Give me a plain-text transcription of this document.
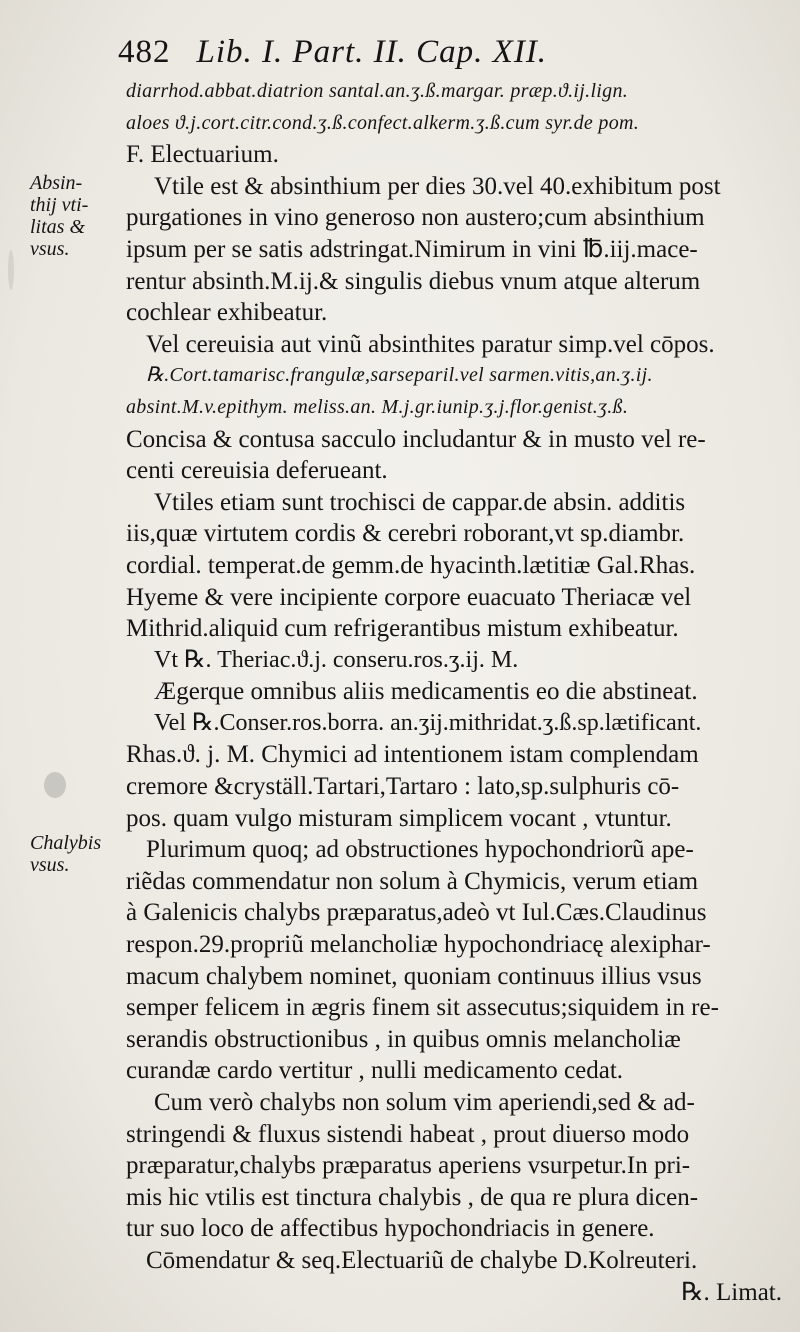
482 Lib. I. Part. II. Cap. XII.
Absin-
thij vti-
litas &
vsus.
Chalybis
vsus.
diarrhod.abbat.diatrion santal.an.ʒ.ß.margar. præp.ϑ.ij.lign.
aloes ϑ.j.cort.citr.cond.ʒ.ß.confect.alkerm.ʒ.ß.cum syr.de pom.
F. Electuarium.
Vtile est & absinthium per dies 30.vel 40.exhibitum post
purgationes in vino generoso non austero;cum absinthium
ipsum per se satis adstringat.Nimirum in vini ℔.iij.mace-
rentur absinth.M.ij.& singulis diebus vnum atque alterum
cochlear exhibeatur.
Vel cereuisia aut vinũ absinthites paratur simp.vel cōpos.
℞.Cort.tamarisc.frangulæ,sarseparil.vel sarmen.vitis,an.ʒ.ij.
absint.M.v.epithym. meliss.an. M.j.gr.iunip.ʒ.j.flor.genist.ʒ.ß.
Concisa & contusa sacculo includantur & in musto vel re-
centi cereuisia deferueant.
Vtiles etiam sunt trochisci de cappar.de absin. additis
iis,quæ virtutem cordis & cerebri roborant,vt sp.diambr.
cordial. temperat.de gemm.de hyacinth.lætitiæ Gal.Rhas.
Hyeme & vere incipiente corpore euacuato Theriacæ vel
Mithrid.aliquid cum refrigerantibus mistum exhibeatur.
Vt ℞. Theriac.ϑ.j. conseru.ros.ʒ.ij. M.
Ægerque omnibus aliis medicamentis eo die abstineat.
Vel ℞.Conser.ros.borra. an.ʒij.mithridat.ʒ.ß.sp.lætificant.
Rhas.ϑ. j. M. Chymici ad intentionem istam complendam
cremore &cryställ.Tartari,Tartaro : lato,sp.sulphuris cō-
pos. quam vulgo misturam simplicem vocant , vtuntur.
Plurimum quoq; ad obstructiones hypochondriorũ ape-
riẽdas commendatur non solum à Chymicis, verum etiam
à Galenicis chalybs præparatus,adeò vt Iul.Cæs.Claudinus
respon.29.propriũ melancholiæ hypochondriacę alexiphar-
macum chalybem nominet, quoniam continuus illius vsus
semper felicem in ægris finem sit assecutus;siquidem in re-
serandis obstructionibus , in quibus omnis melancholiæ
curandæ cardo vertitur , nulli medicamento cedat.
Cum verò chalybs non solum vim aperiendi,sed & ad-
stringendi & fluxus sistendi habeat , prout diuerso modo
præparatur,chalybs præparatus aperiens vsurpetur.In pri-
mis hic vtilis est tinctura chalybis , de qua re plura dicen-
tur suo loco de affectibus hypochondriacis in genere.
Cōmendatur & seq.Electuariũ de chalybe D.Kolreuteri.
℞. Limat.
